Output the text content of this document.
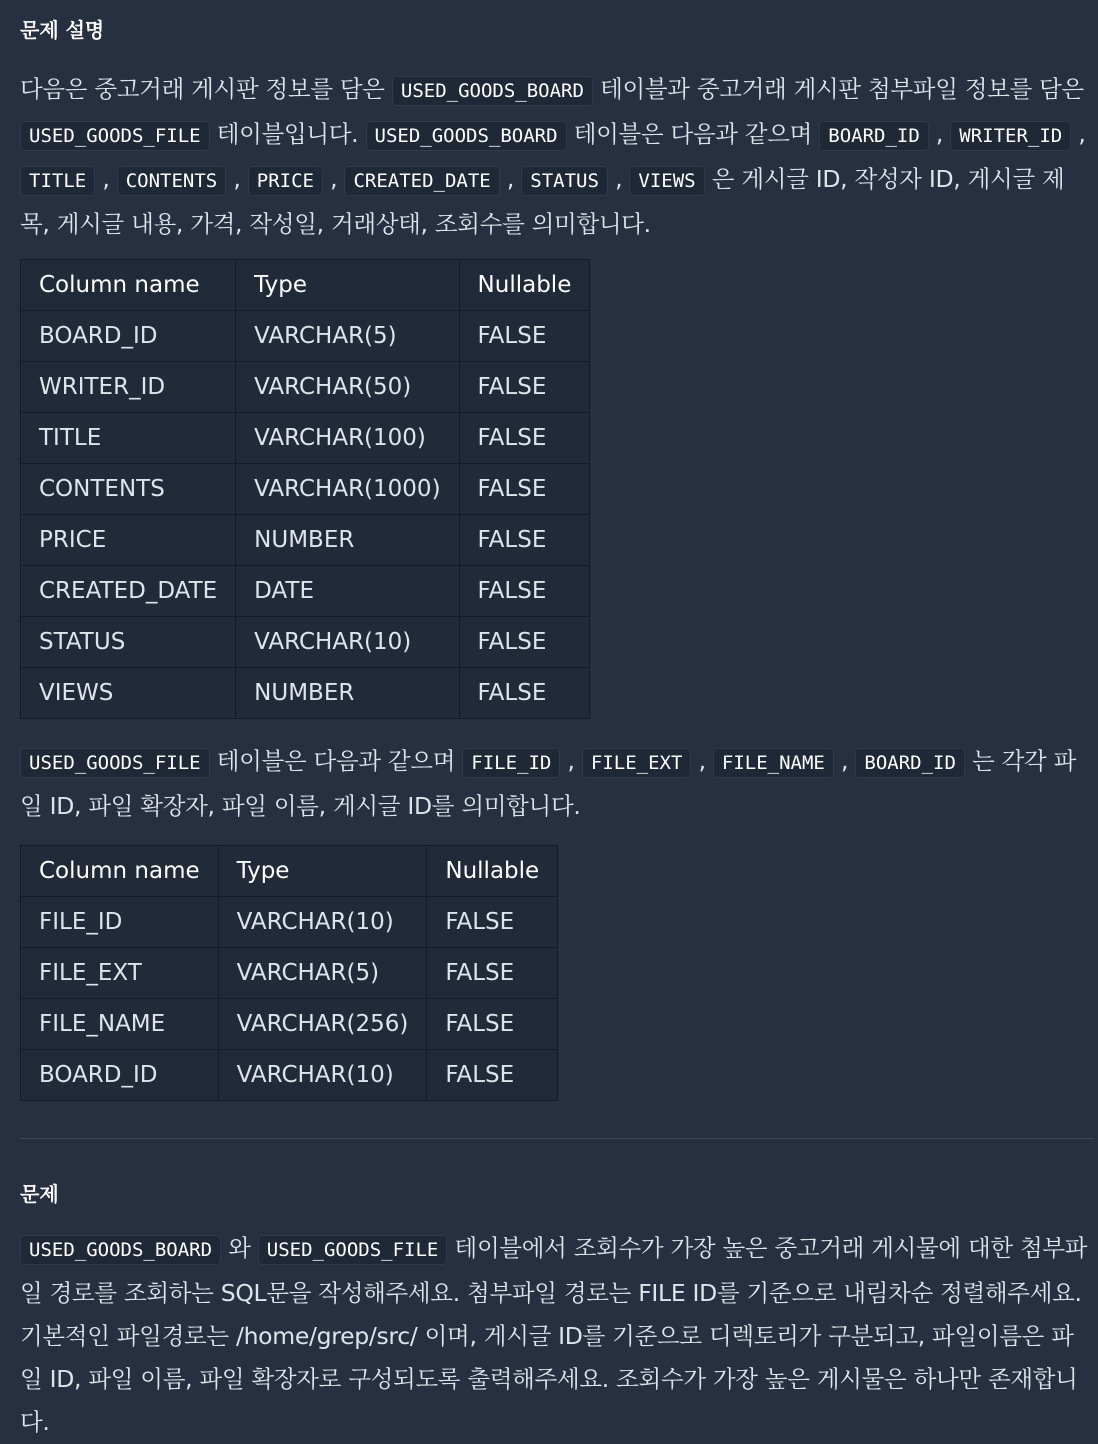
문제 설명
다음은 중고거래 게시판 정보를 담은 USED_GOODS_BOARD 테이블과 중고거래 게시판 첨부파일 정보를 담은 USED_GOODS_FILE 테이블입니다. USED_GOODS_BOARD 테이블은 다음과 같으며 BOARD_ID , WRITER_ID , TITLE , CONTENTS , PRICE , CREATED_DATE , STATUS , VIEWS 은 게시글 ID, 작성자 ID, 게시글 제목, 게시글 내용, 가격, 작성일, 거래상태, 조회수를 의미합니다.
Column name	Type	Nullable
BOARD_ID	VARCHAR(5)	FALSE
WRITER_ID	VARCHAR(50)	FALSE
TITLE	VARCHAR(100)	FALSE
CONTENTS	VARCHAR(1000)	FALSE
PRICE	NUMBER	FALSE
CREATED_DATE	DATE	FALSE
STATUS	VARCHAR(10)	FALSE
VIEWS	NUMBER	FALSE
USED_GOODS_FILE 테이블은 다음과 같으며 FILE_ID , FILE_EXT , FILE_NAME , BOARD_ID 는 각각 파일 ID, 파일 확장자, 파일 이름, 게시글 ID를 의미합니다.
Column name	Type	Nullable
FILE_ID	VARCHAR(10)	FALSE
FILE_EXT	VARCHAR(5)	FALSE
FILE_NAME	VARCHAR(256)	FALSE
BOARD_ID	VARCHAR(10)	FALSE
문제
USED_GOODS_BOARD 와 USED_GOODS_FILE 테이블에서 조회수가 가장 높은 중고거래 게시물에 대한 첨부파일 경로를 조회하는 SQL문을 작성해주세요. 첨부파일 경로는 FILE ID를 기준으로 내림차순 정렬해주세요. 기본적인 파일경로는 /home/grep/src/ 이며, 게시글 ID를 기준으로 디렉토리가 구분되고, 파일이름은 파일 ID, 파일 이름, 파일 확장자로 구성되도록 출력해주세요. 조회수가 가장 높은 게시물은 하나만 존재합니다.
